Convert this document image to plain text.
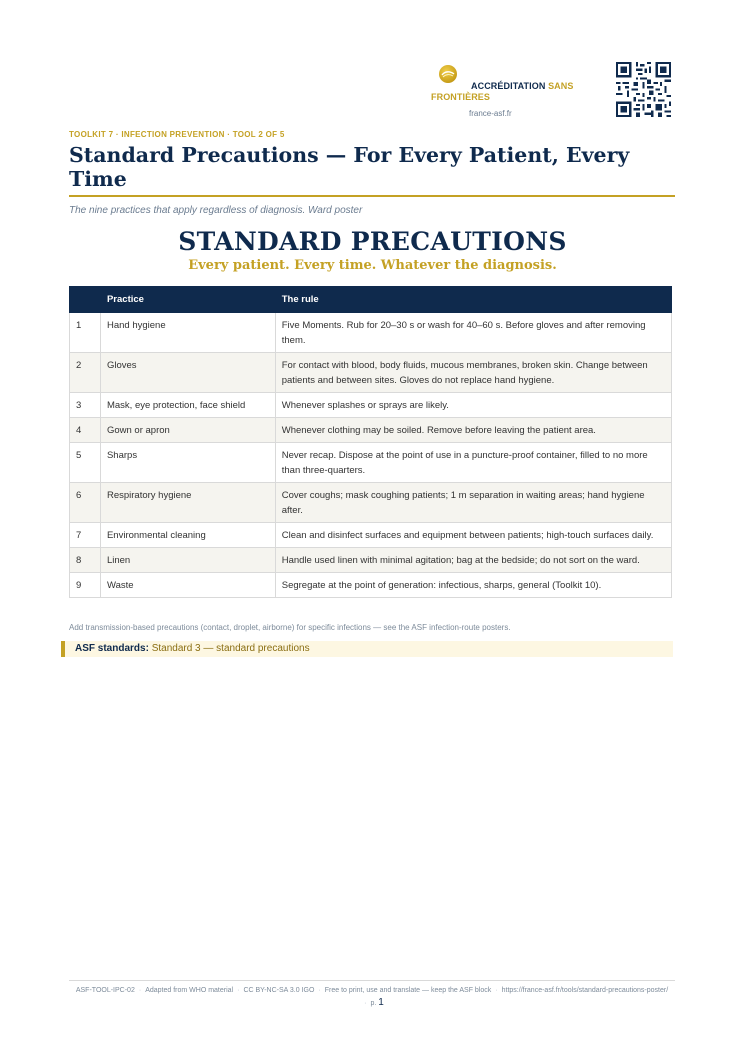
ACCRÉDITATION SANS FRONTIÈRES
france-asf.fr
TOOLKIT 7 · INFECTION PREVENTION · TOOL 2 OF 5
Standard Precautions — For Every Patient, Every Time
The nine practices that apply regardless of diagnosis. Ward poster
STANDARD PRECAUTIONS
Every patient. Every time. Whatever the diagnosis.
	Practice	The rule
1	Hand hygiene	Five Moments. Rub for 20–30 s or wash for 40–60 s. Before gloves and after removing them.
2	Gloves	For contact with blood, body fluids, mucous membranes, broken skin. Change between patients and between sites. Gloves do not replace hand hygiene.
3	Mask, eye protection, face shield	Whenever splashes or sprays are likely.
4	Gown or apron	Whenever clothing may be soiled. Remove before leaving the patient area.
5	Sharps	Never recap. Dispose at the point of use in a puncture-proof container, filled to no more than three-quarters.
6	Respiratory hygiene	Cover coughs; mask coughing patients; 1 m separation in waiting areas; hand hygiene after.
7	Environmental cleaning	Clean and disinfect surfaces and equipment between patients; high-touch surfaces daily.
8	Linen	Handle used linen with minimal agitation; bag at the bedside; do not sort on the ward.
9	Waste	Segregate at the point of generation: infectious, sharps, general (Toolkit 10).
Add transmission-based precautions (contact, droplet, airborne) for specific infections — see the ASF infection-route posters.
ASF standards: Standard 3 — standard precautions
ASF-TOOL-IPC-02 · Adapted from WHO material · CC BY-NC-SA 3.0 IGO · Free to print, use and translate — keep the ASF block · https://france-asf.fr/tools/standard-precautions-poster/· p. 1
